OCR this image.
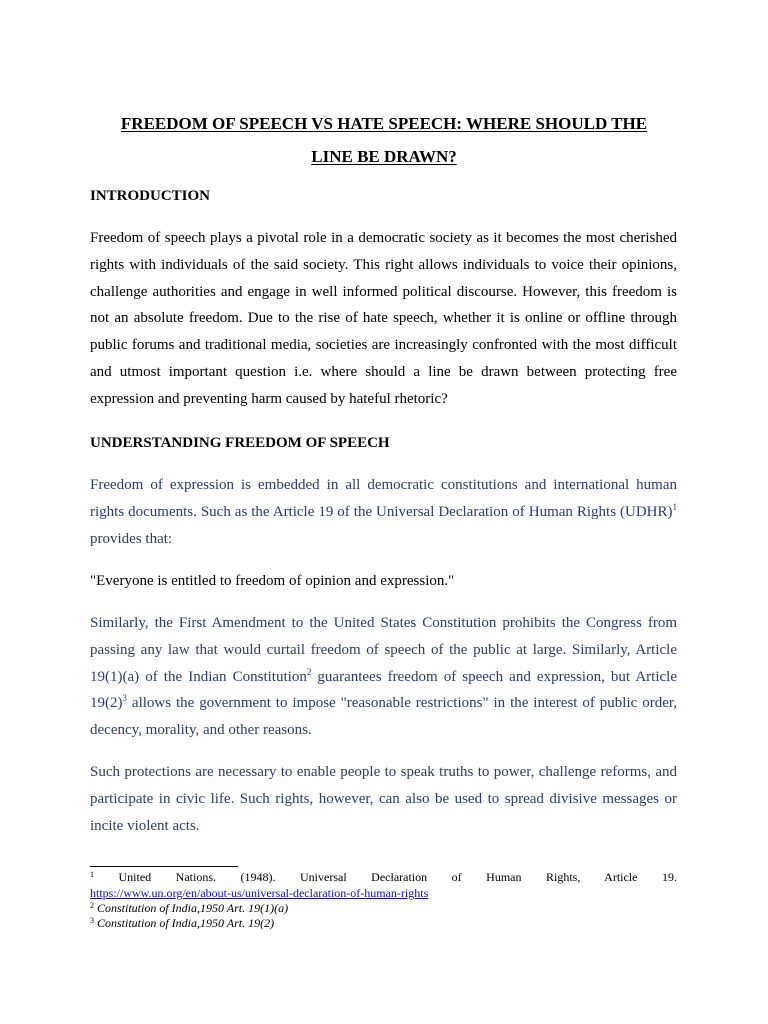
FREEDOM OF SPEECH VS HATE SPEECH: WHERE SHOULD THE
LINE BE DRAWN?
INTRODUCTION

Freedom of speech plays a pivotal role in a democratic society as it becomes the most cherished rights with individuals of the said society. This right allows individuals to voice their opinions, challenge authorities and engage in well informed political discourse. However, this freedom is not an absolute freedom. Due to the rise of hate speech, whether it is online or offline through public forums and traditional media, societies are increasingly confronted with the most difficult and utmost important question i.e. where should a line be drawn between protecting free expression and preventing harm caused by hateful rhetoric?

UNDERSTANDING FREEDOM OF SPEECH

Freedom of expression is embedded in all democratic constitutions and international human rights documents. Such as the Article 19 of the Universal Declaration of Human Rights (UDHR)$^1$ provides that:

"Everyone is entitled to freedom of opinion and expression."

Similarly, the First Amendment to the United States Constitution prohibits the Congress from passing any law that would curtail freedom of speech of the public at large. Similarly, Article 19(1)(a) of the Indian Constitution$^2$ guarantees freedom of speech and expression, but Article $19(2)^3$ allows the government to impose "reasonable restrictions" in the interest of public order, decency, morality, and other reasons.

Such protections are necessary to enable people to speak truths to power, challenge reforms, and participate in civic life. Such rights, however, can also be used to spread divisive messages or incite violent acts.

$^1$ United Nations. (1948). Universal Declaration of Human Rights, Article 19.
https://www.un.org/en/about-us/universal-declaration-of-human-rights
$^2$ Constitution of India,1950 Art. 19(1)(a)
$^3$ Constitution of India,1950 Art. 19(2)
